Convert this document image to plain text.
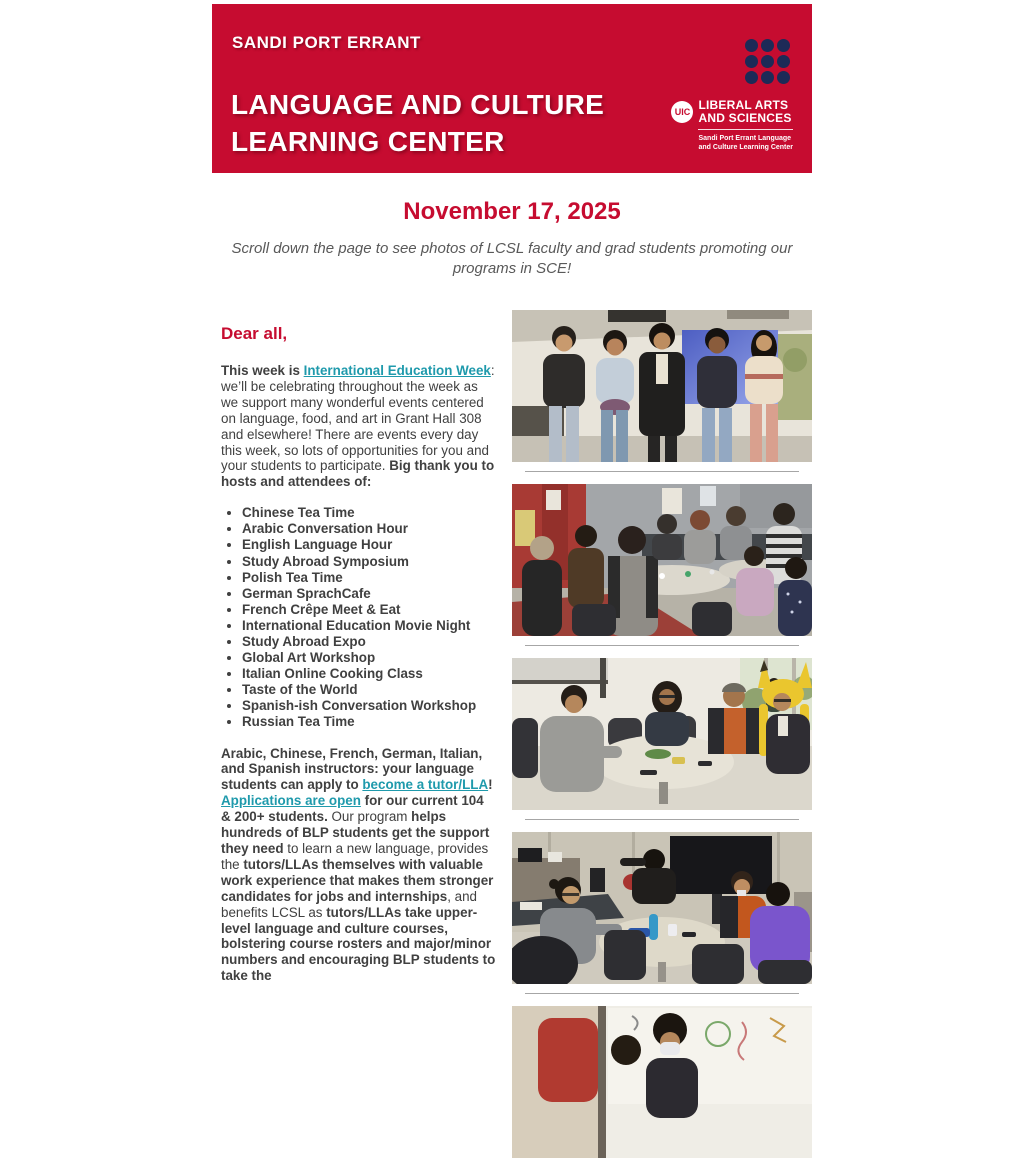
SANDI PORT ERRANT
LANGUAGE AND CULTURE
LEARNING CENTER
UIC LIBERAL ARTS
AND SCIENCES
Sandi Port Errant Language
and Culture Learning Center
November 17, 2025
Scroll down the page to see photos of LCSL faculty and grad students promoting our programs in SCE!
Dear all,

This week is International Education Week: we’ll be celebrating throughout the week as we support many wonderful events centered on language, food, and art in Grant Hall 308 and elsewhere! There are events every day this week, so lots of opportunities for you and your students to participate. Big thank you to hosts and attendees of:

• Chinese Tea Time
• Arabic Conversation Hour
• English Language Hour
• Study Abroad Symposium
• Polish Tea Time
• German SprachCafe
• French Crêpe Meet & Eat
• International Education Movie Night
• Study Abroad Expo
• Global Art Workshop
• Italian Online Cooking Class
• Taste of the World
• Spanish-ish Conversation Workshop
• Russian Tea Time

Arabic, Chinese, French, German, Italian, and Spanish instructors: your language students can apply to become a tutor/LLA! Applications are open for our current 104 & 200+ students. Our program helps hundreds of BLP students get the support they need to learn a new language, provides the tutors/LLAs themselves with valuable work experience that makes them stronger candidates for jobs and internships, and benefits LCSL as tutors/LLAs take upper-level language and culture courses, bolstering course rosters and major/minor numbers and encouraging BLP students to take the
